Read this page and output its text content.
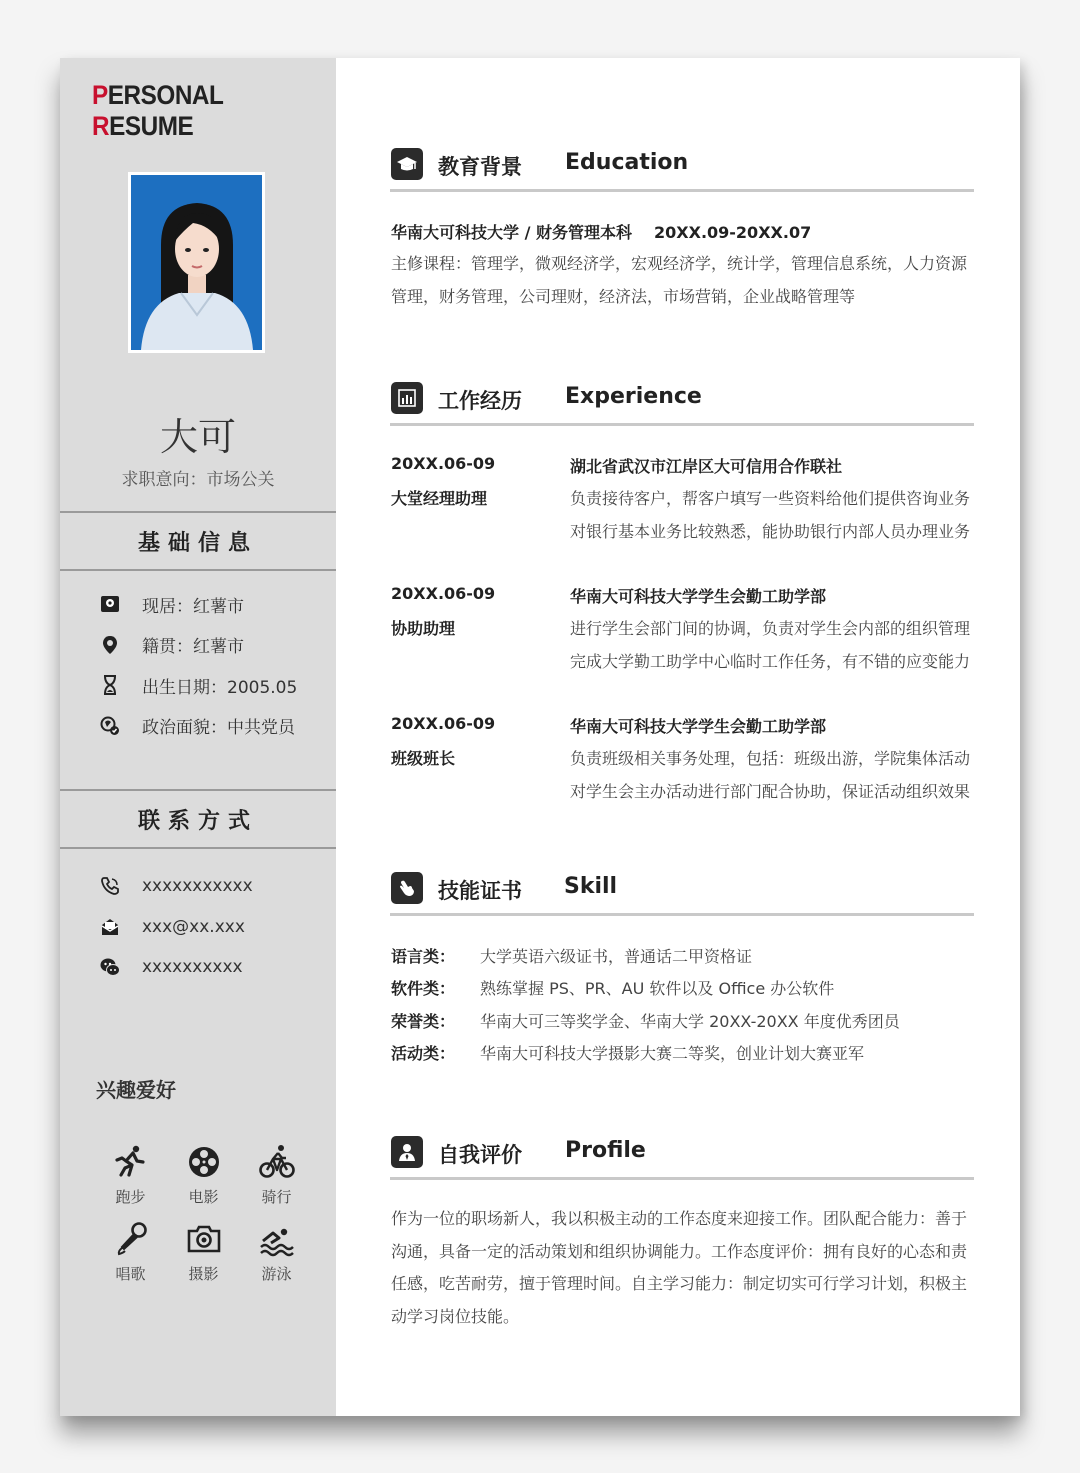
PERSONAL RESUME
大可
求职意向：市场公关
基础信息
现居：红薯市
籍贯：红薯市
出生日期：2005.05
政治面貌：中共党员
联系方式
xxxxxxxxxxx
xxx@xx.xxx
xxxxxxxxxx
兴趣爱好
跑步	电影	骑行
唱歌	摄影	游泳
教育背景 Education
华南大可科技大学 / 财务管理本科 20XX.09-20XX.07
主修课程：管理学，微观经济学，宏观经济学，统计学，管理信息系统，人力资源
管理，财务管理，公司理财，经济法，市场营销，企业战略管理等
工作经历 Experience
20XX.06-09
大堂经理助理
湖北省武汉市江岸区大可信用合作联社
负责接待客户，帮客户填写一些资料给他们提供咨询业务
对银行基本业务比较熟悉，能协助银行内部人员办理业务
20XX.06-09
协助助理
华南大可科技大学学生会勤工助学部
进行学生会部门间的协调，负责对学生会内部的组织管理
完成大学勤工助学中心临时工作任务，有不错的应变能力
20XX.06-09
班级班长
华南大可科技大学学生会勤工助学部
负责班级相关事务处理，包括：班级出游，学院集体活动
对学生会主办活动进行部门配合协助，保证活动组织效果
技能证书 Skill
语言类： 大学英语六级证书，普通话二甲资格证
软件类： 熟练掌握 PS、PR、AU 软件以及 Office 办公软件
荣誉类： 华南大可三等奖学金、华南大学 20XX-20XX 年度优秀团员
活动类： 华南大可科技大学摄影大赛二等奖，创业计划大赛亚军
自我评价 Profile
作为一位的职场新人，我以积极主动的工作态度来迎接工作。团队配合能力：善于
沟通，具备一定的活动策划和组织协调能力。工作态度评价：拥有良好的心态和责
任感，吃苦耐劳，擅于管理时间。自主学习能力：制定切实可行学习计划，积极主
动学习岗位技能。
